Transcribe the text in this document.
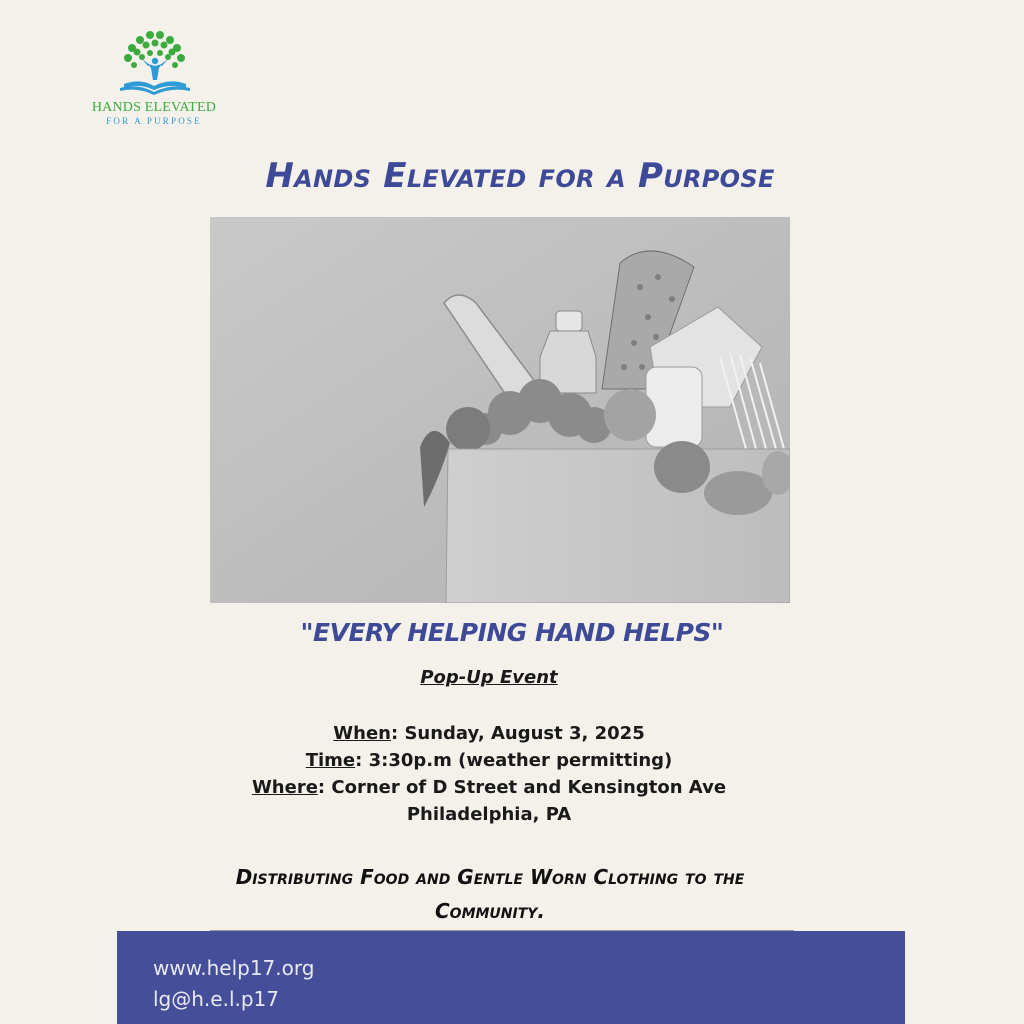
HANDS ELEVATED
FOR A PURPOSE
Hands Elevated for a Purpose
"EVERY HELPING HAND HELPS"
Pop-Up Event
When: Sunday, August 3, 2025
Time: 3:30p.m (weather permitting)
Where: Corner of D Street and Kensington Ave
Philadelphia, PA
Distributing Food and Gentle Worn Clothing to the Community.
www.help17.org
lg@h.e.l.p17
